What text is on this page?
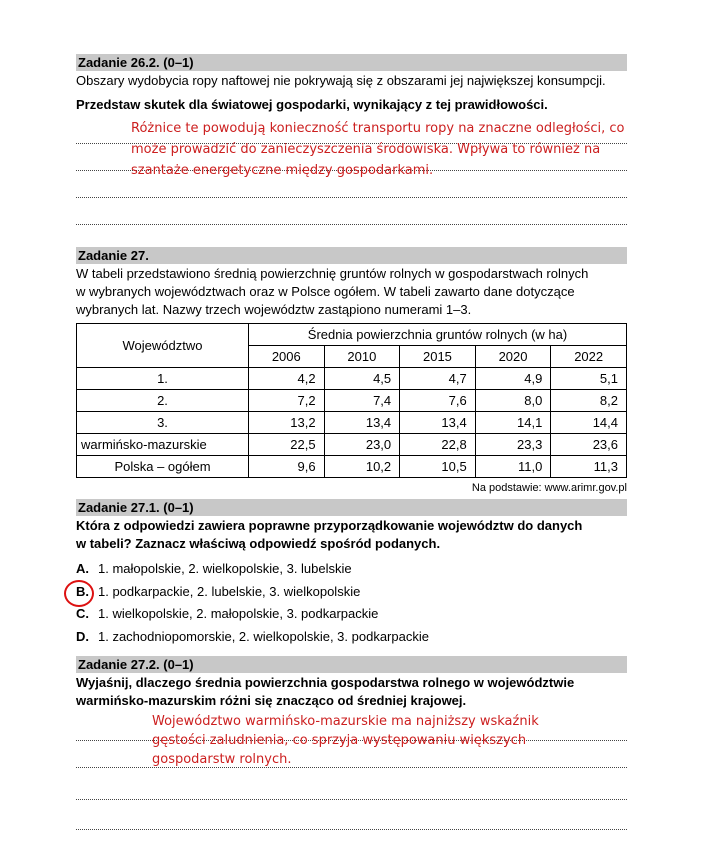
Zadanie 26.2. (0–1)
Obszary wydobycia ropy naftowej nie pokrywają się z obszarami jej największej konsumpcji.
Przedstaw skutek dla światowej gospodarki, wynikający z tej prawidłowości.
Różnice te powodują konieczność transportu ropy na znaczne odległości, co
może prowadzić do zanieczyszczenia środowiska. Wpływa to również na
szantaże energetyczne między gospodarkami.
Zadanie 27.
W tabeli przedstawiono średnią powierzchnię gruntów rolnych w gospodarstwach rolnych
w wybranych województwach oraz w Polsce ogółem. W tabeli zawarto dane dotyczące
wybranych lat. Nazwy trzech województw zastąpiono numerami 1–3.
Województwo	Średnia powierzchnia gruntów rolnych (w ha)				
	2006	2010	2015	2020	2022
1.	4,2	4,5	4,7	4,9	5,1
2.	7,2	7,4	7,6	8,0	8,2
3.	13,2	13,4	13,4	14,1	14,4
warmińsko-mazurskie	22,5	23,0	22,8	23,3	23,6
Polska – ogółem	9,6	10,2	10,5	11,0	11,3
Na podstawie: www.arimr.gov.pl
Zadanie 27.1. (0–1)
Która z odpowiedzi zawiera poprawne przyporządkowanie województw do danych
w tabeli? Zaznacz właściwą odpowiedź spośród podanych.
A. 1. małopolskie, 2. wielkopolskie, 3. lubelskie
B. 1. podkarpackie, 2. lubelskie, 3. wielkopolskie
C. 1. wielkopolskie, 2. małopolskie, 3. podkarpackie
D. 1. zachodniopomorskie, 2. wielkopolskie, 3. podkarpackie
Zadanie 27.2. (0–1)
Wyjaśnij, dlaczego średnia powierzchnia gospodarstwa rolnego w województwie
warmińsko-mazurskim różni się znacząco od średniej krajowej.
Województwo warmińsko-mazurskie ma najniższy wskaźnik
gęstości zaludnienia, co sprzyja występowaniu większych
gospodarstw rolnych.
